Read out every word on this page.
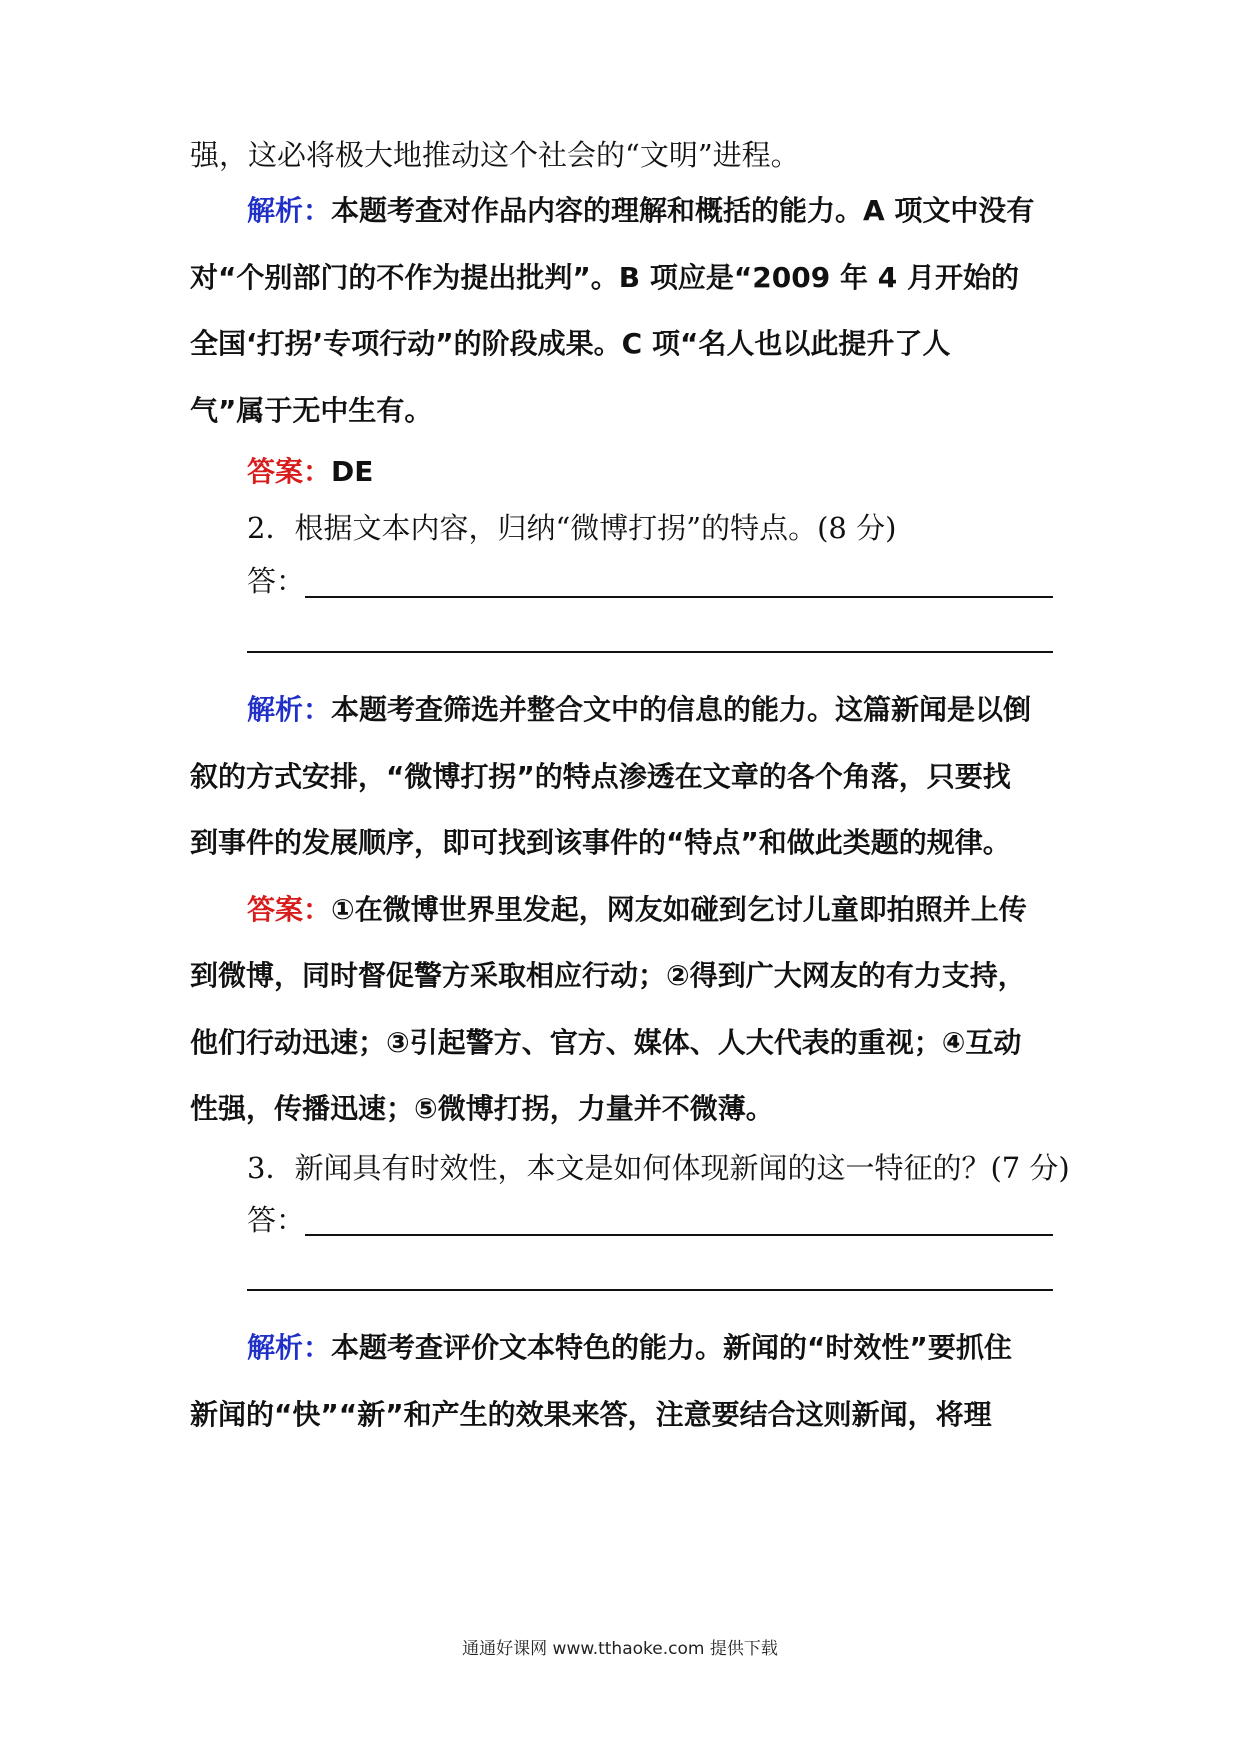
强，这必将极大地推动这个社会的“文明”进程。
解析：本题考查对作品内容的理解和概括的能力。A 项文中没有
对“个别部门的不作为提出批判”。B 项应是“2009 年 4 月开始的
全国‘打拐’专项行动”的阶段成果。C 项“名人也以此提升了人
气”属于无中生有。
答案：DE
2．根据文本内容，归纳“微博打拐”的特点。(8 分)
答：
解析：本题考查筛选并整合文中的信息的能力。这篇新闻是以倒
叙的方式安排，“微博打拐”的特点渗透在文章的各个角落，只要找
到事件的发展顺序，即可找到该事件的“特点”和做此类题的规律。
答案：①在微博世界里发起，网友如碰到乞讨儿童即拍照并上传
到微博，同时督促警方采取相应行动；②得到广大网友的有力支持，
他们行动迅速；③引起警方、官方、媒体、人大代表的重视；④互动
性强，传播迅速；⑤微博打拐，力量并不微薄。
3．新闻具有时效性，本文是如何体现新闻的这一特征的？(7 分)
答：
解析：本题考查评价文本特色的能力。新闻的“时效性”要抓住
新闻的“快”“新”和产生的效果来答，注意要结合这则新闻，将理
通通好课网 www.tthaoke.com 提供下载
